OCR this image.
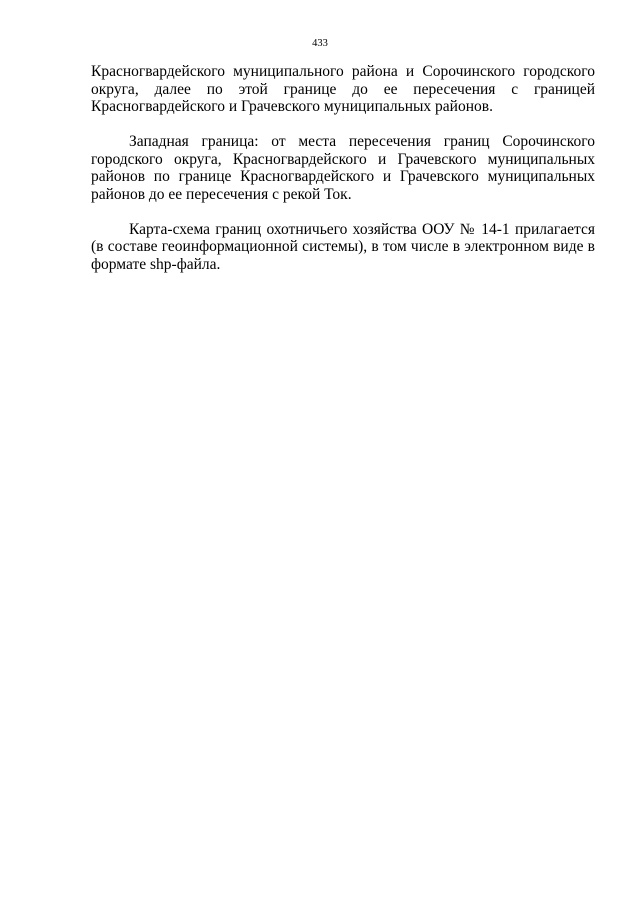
433

Красногвардейского муниципального района и Сорочинского городского округа, далее по этой границе до ее пересечения с границей Красногвардейского и Грачевского муниципальных районов.

Западная граница: от места пересечения границ Сорочинского городского округа, Красногвардейского и Грачевского муниципальных районов по границе Красногвардейского и Грачевского муниципальных районов до ее пересечения с рекой Ток.

Карта-схема границ охотничьего хозяйства ООУ № 14-1 прилагается (в составе геоинформационной системы), в том числе в электронном виде в формате shp-файла.
